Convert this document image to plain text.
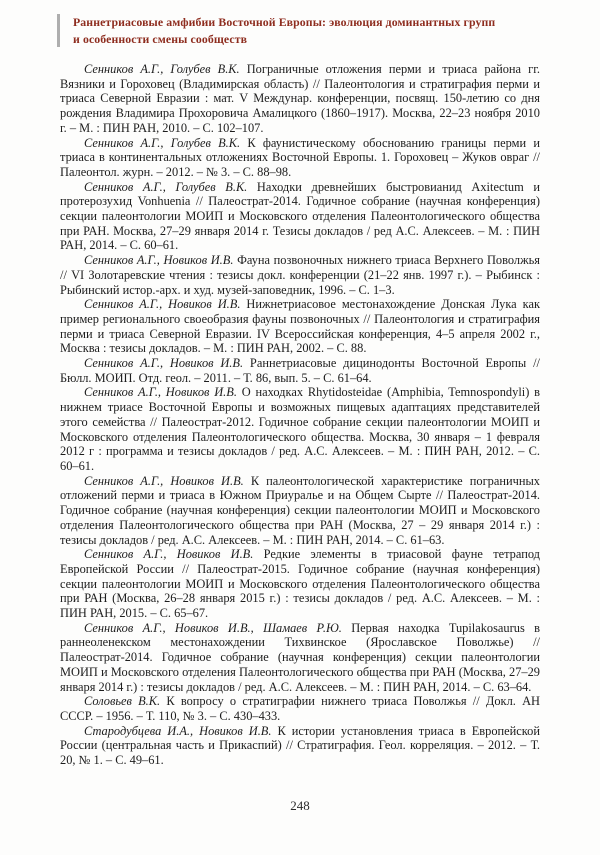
Раннетриасовые амфибии Восточной Европы: эволюция доминантных групп
и особенности смены сообществ

Сенников А.Г., Голубев В.К. Пограничные отложения перми и триаса района гг. Вязники и Гороховец (Владимирская область) // Палеонтология и стратиграфия перми и триаса Северной Евразии : мат. V Междунар. конференции, посвящ. 150-летию со дня рождения Владимира Прохоровича Амалицкого (1860–1917). Москва, 22–23 ноября 2010 г. – М. : ПИН РАН, 2010. – С. 102–107.

Сенников А.Г., Голубев В.К. К фаунистическому обоснованию границы перми и триаса в континентальных отложениях Восточной Европы. 1. Гороховец – Жуков овраг // Палеонтол. журн. – 2012. – № 3. – С. 88–98.

Сенников А.Г., Голубев В.К. Находки древнейших быстровианид Axitectum и протерозухид Vonhuenia // Палеострат-2014. Годичное собрание (научная конференция) секции палеонтологии МОИП и Московского отделения Палеонтологического общества при РАН. Москва, 27–29 января 2014 г. Тезисы докладов / ред А.С. Алексеев. – М. : ПИН РАН, 2014. – С. 60–61.

Сенников А.Г., Новиков И.В. Фауна позвоночных нижнего триаса Верхнего Поволжья // VI Золотаревские чтения : тезисы докл. конференции (21–22 янв. 1997 г.). – Рыбинск : Рыбинский истор.-арх. и худ. музей-заповедник, 1996. – С. 1–3.

Сенников А.Г., Новиков И.В. Нижнетриасовое местонахождение Донская Лука как пример регионального своеобразия фауны позвоночных // Палеонтология и стратиграфия перми и триаса Северной Евразии. IV Всероссийская конференция, 4–5 апреля 2002 г., Москва : тезисы докладов. – М. : ПИН РАН, 2002. – С. 88.

Сенников А.Г., Новиков И.В. Раннетриасовые дицинодонты Восточной Европы // Бюлл. МОИП. Отд. геол. – 2011. – Т. 86, вып. 5. – С. 61–64.

Сенников А.Г., Новиков И.В. О находках Rhytidosteidae (Amphibia, Temnospondyli) в нижнем триасе Восточной Европы и возможных пищевых адаптациях представителей этого семейства // Палеострат-2012. Годичное собрание секции палеонтологии МОИП и Московского отделения Палеонтологического общества. Москва, 30 января – 1 февраля 2012 г : программа и тезисы докладов / ред. А.С. Алексеев. – М. : ПИН РАН, 2012. – С. 60–61.

Сенников А.Г., Новиков И.В. К палеонтологической характеристике пограничных отложений перми и триаса в Южном Приуралье и на Общем Сырте // Палеострат-2014. Годичное собрание (научная конференция) секции палеонтологии МОИП и Московского отделения Палеонтологического общества при РАН (Москва, 27 – 29 января 2014 г.) : тезисы докладов / ред. А.С. Алексеев. – М. : ПИН РАН, 2014. – С. 61–63.

Сенников А.Г., Новиков И.В. Редкие элементы в триасовой фауне тетрапод Европейской России // Палеострат-2015. Годичное собрание (научная конференция) секции палеонтологии МОИП и Московского отделения Палеонтологического общества при РАН (Москва, 26–28 января 2015 г.) : тезисы докладов / ред. А.С. Алексеев. – М. : ПИН РАН, 2015. – С. 65–67.

Сенников А.Г., Новиков И.В., Шамаев Р.Ю. Первая находка Tupilakosaurus в раннеоленекском местонахождении Тихвинское (Ярославское Поволжье) // Палеострат-2014. Годичное собрание (научная конференция) секции палеонтологии МОИП и Московского отделения Палеонтологического общества при РАН (Москва, 27–29 января 2014 г.) : тезисы докладов / ред. А.С. Алексеев. – М. : ПИН РАН, 2014. – С. 63–64.

Соловьев В.К. К вопросу о стратиграфии нижнего триаса Поволжья // Докл. АН СССР. – 1956. – Т. 110, № 3. – С. 430–433.

Стародубцева И.А., Новиков И.В. К истории установления триаса в Европейской России (центральная часть и Прикаспий) // Стратиграфия. Геол. корреляция. – 2012. – Т. 20, № 1. – С. 49–61.

248
